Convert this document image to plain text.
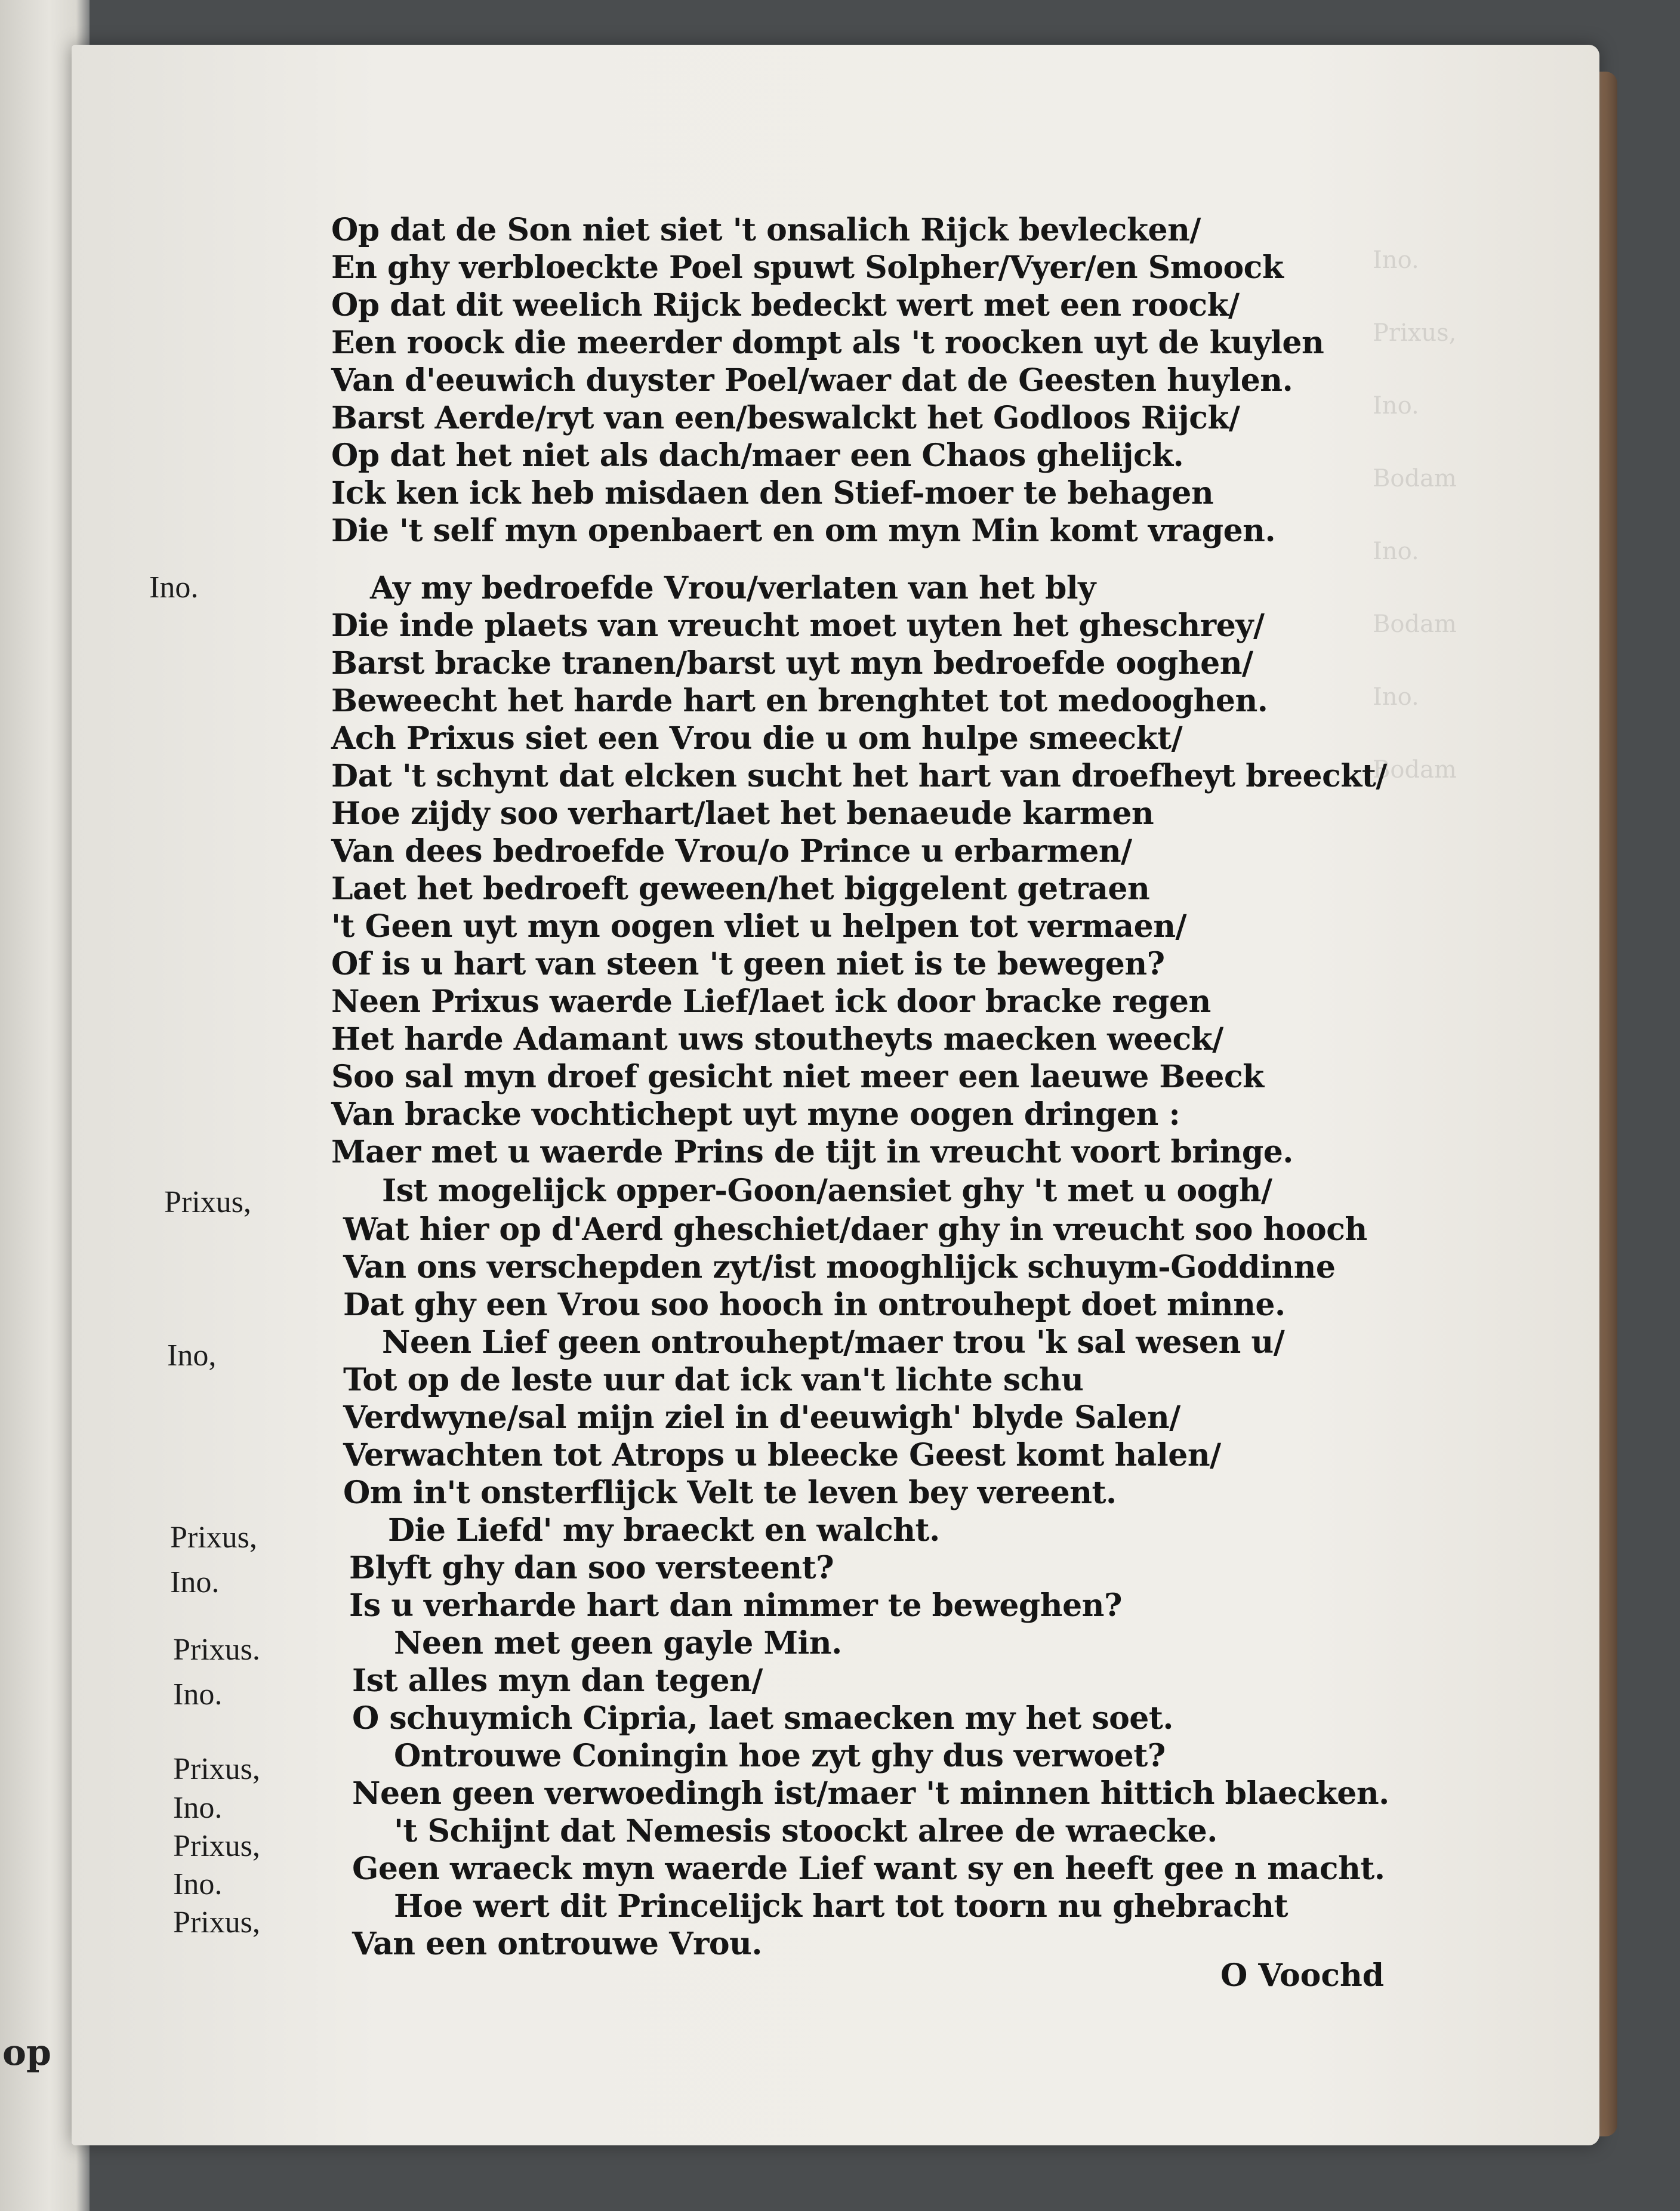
op
Ino.
Prixus,
Ino.
Bodam
Ino.
Bodam
Ino.
Bodam
Op dat de Son niet siet 't onsalich Rijck bevlecken/
En ghy verbloeckte Poel spuwt Solpher/Vyer/en Smoock
Op dat dit weelich Rijck bedeckt wert met een roock/
Een roock die meerder dompt als 't roocken uyt de kuylen
Van d'eeuwich duyster Poel/waer dat de Geesten huylen.
Barst Aerde/ryt van een/beswalckt het Godloos Rijck/
Op dat het niet als dach/maer een Chaos ghelijck.
Ick ken ick heb misdaen den Stief-moer te behagen
Die 't self myn openbaert en om myn Min komt vragen.
Ino.	Ay my bedroefde Vrou/verlaten van het bly
Die inde plaets van vreucht moet uyten het gheschrey/
Barst bracke tranen/barst uyt myn bedroefde ooghen/
Beweecht het harde hart en brenghtet tot medooghen.
Ach Prixus siet een Vrou die u om hulpe smeeckt/
Dat 't schynt dat elcken sucht het hart van droefheyt breeckt/
Hoe zijdy soo verhart/laet het benaeude karmen
Van dees bedroefde Vrou/o Prince u erbarmen/
Laet het bedroeft geween/het biggelent getraen
't Geen uyt myn oogen vliet u helpen tot vermaen/
Of is u hart van steen 't geen niet is te bewegen?
Neen Prixus waerde Lief/laet ick door bracke regen
Het harde Adamant uws stoutheyts maecken weeck/
Soo sal myn droef gesicht niet meer een laeuwe Beeck
Van bracke vochtichept uyt myne oogen dringen :
Maer met u waerde Prins de tijt in vreucht voort bringe.
Prixus,	Ist mogelijck opper-Goon/aensiet ghy 't met u oogh/
Wat hier op d'Aerd gheschiet/daer ghy in vreucht soo hooch
Van ons verschepden zyt/ist mooghlijck schuym-Goddinne
Dat ghy een Vrou soo hooch in ontrouhept doet minne.
Ino,	Neen Lief geen ontrouhept/maer trou 'k sal wesen u/
Tot op de leste uur dat ick van't lichte schu
Verdwyne/sal mijn ziel in d'eeuwigh' blyde Salen/
Verwachten tot Atrops u bleecke Geest komt halen/
Om in't onsterflijck Velt te leven bey vereent.
Prixus,	Die Liefd' my braeckt en walcht.
Ino.	Blyft ghy dan soo versteent?
Is u verharde hart dan nimmer te beweghen?
Prixus.	Neen met geen gayle Min.
Ino.	Ist alles myn dan tegen/
O schuymich Cipria, laet smaecken my het soet.
Prixus,	Ontrouwe Coningin hoe zyt ghy dus verwoet?
Ino.	Neen geen verwoedingh ist/maer 't minnen hittich blaecken.
Prixus,	't Schijnt dat Nemesis stoockt alree de wraecke.
Ino.	Geen wraeck myn waerde Lief want sy en heeft gee n macht.
Prixus,	Hoe wert dit Princelijck hart tot toorn nu ghebracht
Van een ontrouwe Vrou.
O Voochd
